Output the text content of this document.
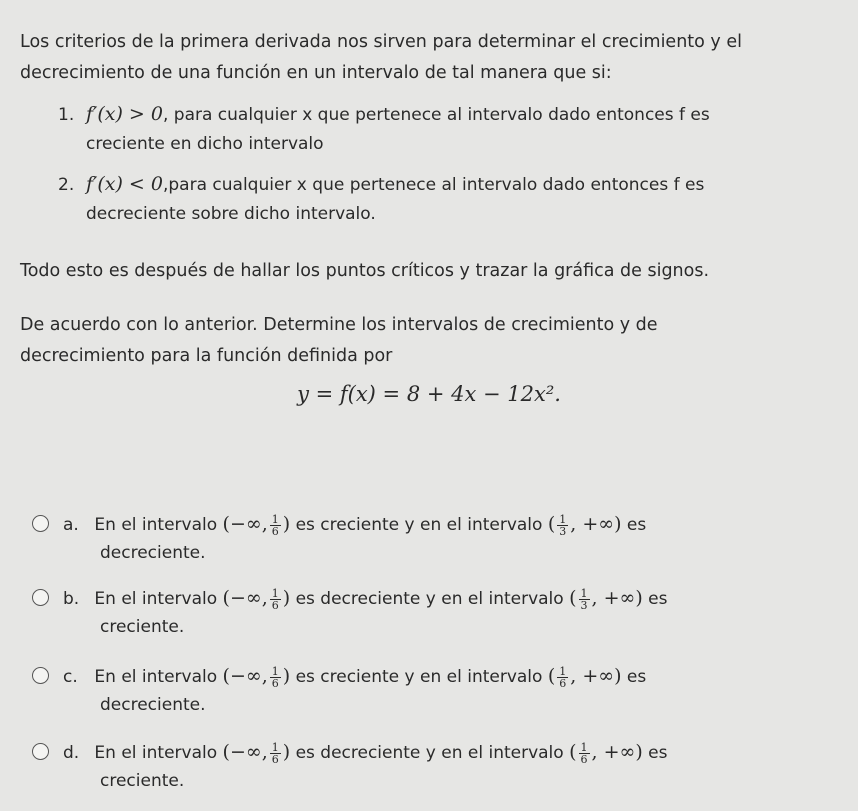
Los criterios de la primera derivada nos sirven para determinar el crecimiento y el
decrecimiento de una función en un intervalo de tal manera que si:
1. f′(x) > 0, para cualquier x que pertenece al intervalo dado entonces f es
creciente en dicho intervalo
2. f′(x) < 0,para cualquier x que pertenece al intervalo dado entonces f es
decreciente sobre dicho intervalo.
Todo esto es después de hallar los puntos críticos y trazar la gráfica de signos.
De acuerdo con lo anterior. Determine los intervalos de crecimiento y de
decrecimiento para la función definida por
y = f(x) = 8 + 4x − 12x².
a. En el intervalo (−∞, $\frac{1}{6}$ ) es creciente y en el intervalo ( $\frac{1}{3}$ , +∞) es
decreciente.
b. En el intervalo (−∞, $\frac{1}{6}$ ) es decreciente y en el intervalo ( $\frac{1}{3}$ , +∞) es
creciente.
c. En el intervalo (−∞, $\frac{1}{6}$ ) es creciente y en el intervalo ( $\frac{1}{6}$ , +∞) es
decreciente.
d. En el intervalo (−∞, $\frac{1}{6}$ ) es decreciente y en el intervalo ( $\frac{1}{6}$ , +∞) es
creciente.
